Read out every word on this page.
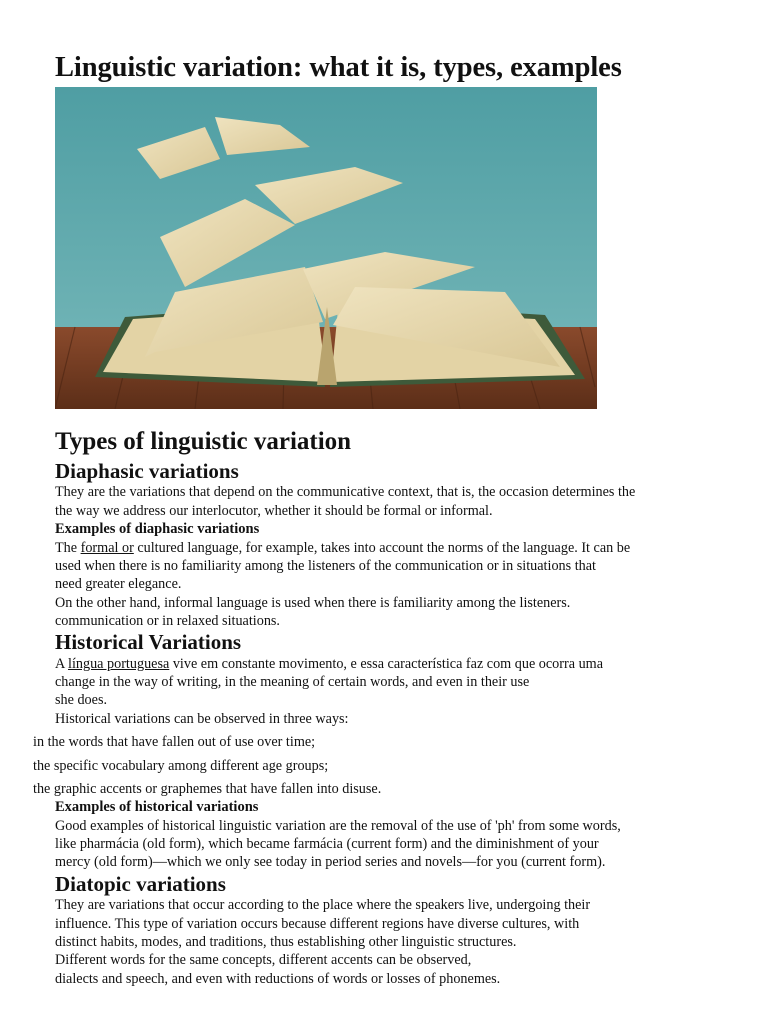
Linguistic variation: what it is, types, examples
Types of linguistic variation
Diaphasic variations
They are the variations that depend on the communicative context, that is, the occasion determines the
the way we address our interlocutor, whether it should be formal or informal.
Examples of diaphasic variations
The formal or cultured language, for example, takes into account the norms of the language. It can be
used when there is no familiarity among the listeners of the communication or in situations that
need greater elegance.
On the other hand, informal language is used when there is familiarity among the listeners.
communication or in relaxed situations.
Historical Variations
A língua portuguesa vive em constante movimento, e essa característica faz com que ocorra uma
change in the way of writing, in the meaning of certain words, and even in their use
she does.
Historical variations can be observed in three ways:
in the words that have fallen out of use over time;
the specific vocabulary among different age groups;
the graphic accents or graphemes that have fallen into disuse.
Examples of historical variations
Good examples of historical linguistic variation are the removal of the use of 'ph' from some words,
like pharmácia (old form), which became farmácia (current form) and the diminishment of your
mercy (old form)—which we only see today in period series and novels—for you (current form).
Diatopic variations
They are variations that occur according to the place where the speakers live, undergoing their
influence. This type of variation occurs because different regions have diverse cultures, with
distinct habits, modes, and traditions, thus establishing other linguistic structures.
Different words for the same concepts, different accents can be observed,
dialects and speech, and even with reductions of words or losses of phonemes.
